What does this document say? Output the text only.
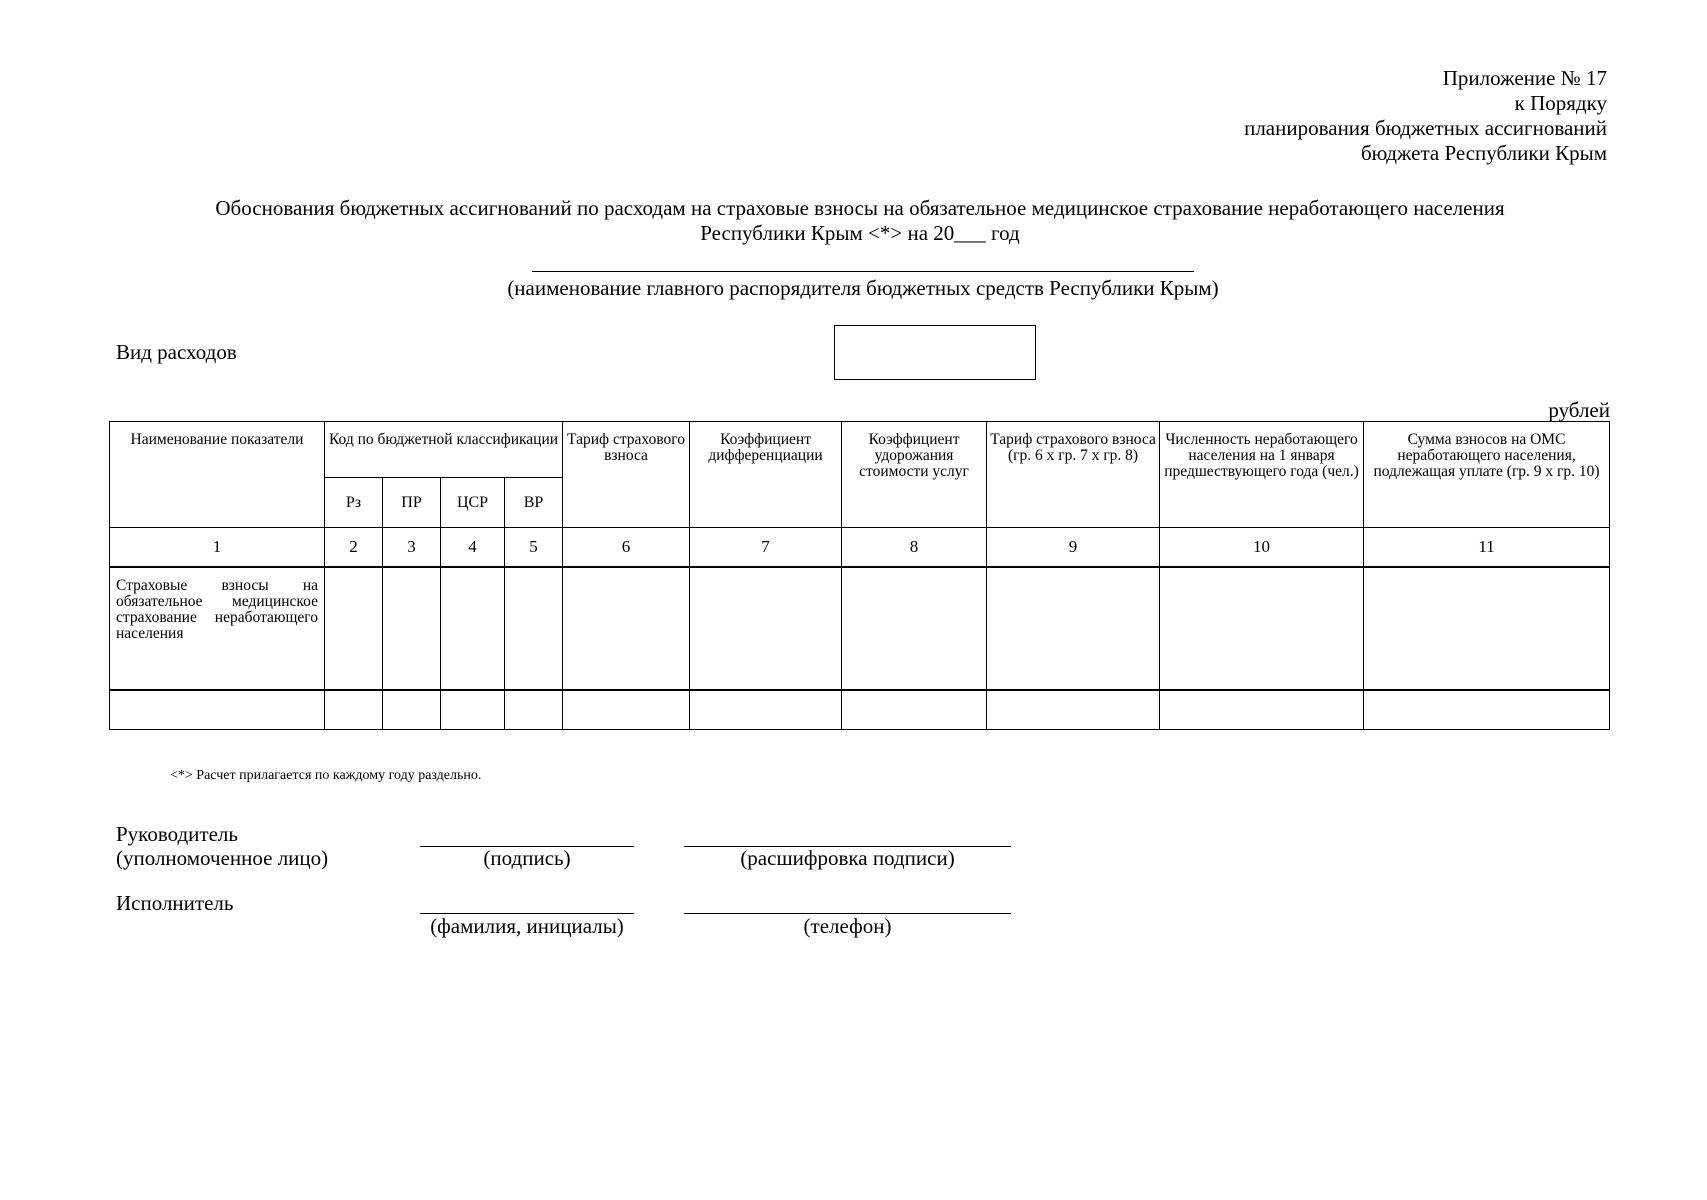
Приложение № 17
к Порядку
планирования бюджетных ассигнований
бюджета Республики Крым
Обоснования бюджетных ассигнований по расходам на страховые взносы на обязательное медицинское страхование неработающего населения
Республики Крым <*> на 20___ год
(наименование главного распорядителя бюджетных средств Республики Крым)
Вид расходов
рублей
Наименование показатели	Код по бюджетной классификации				Тариф страхового взноса	Коэффициент дифференциации	Коэффициент удорожания стоимости услуг	Тариф страхового взноса (гр. 6 x гр. 7 x гр. 8)	Численность неработающего населения на 1 января предшествующего года (чел.)	Сумма взносов на ОМС неработающего населения, подлежащая уплате (гр. 9 x гр. 10)
	Рз	ПР	ЦСР	ВР						
1	2	3	4	5	6	7	8	9	10	11
Страховые взносы на обязательное медицинское страхование неработающего населения										

<*> Расчет прилагается по каждому году раздельно.
Руководитель
(уполномоченное лицо)	(подпись)	(расшифровка подписи)
Исполнитель
(фамилия, инициалы)	(телефон)
